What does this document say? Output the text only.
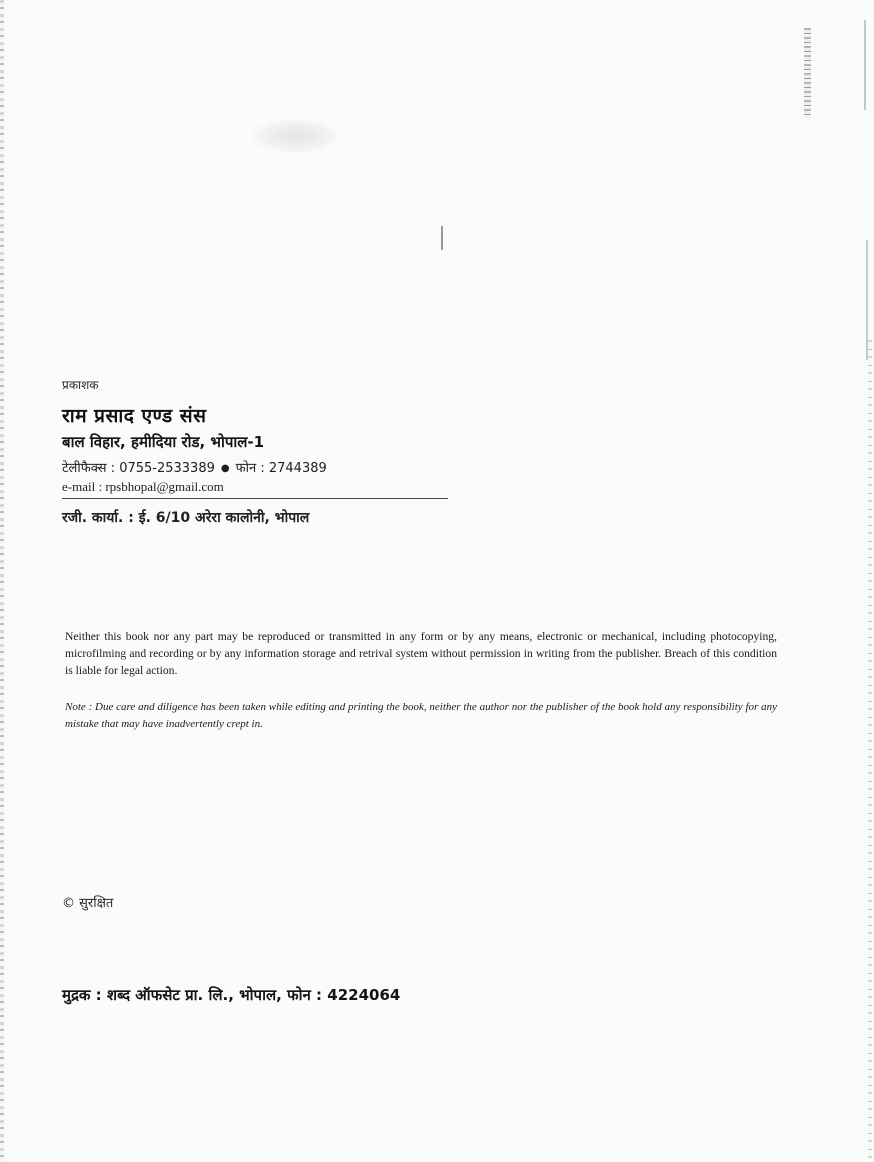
प्रकाशक
राम प्रसाद एण्ड संस
बाल विहार, हमीदिया रोड, भोपाल-1
टेलीफैक्स : 0755-2533389 ● फोन : 2744389
e-mail : rpsbhopal@gmail.com
रजी. कार्या. : ई. 6/10 अरेरा कालोनी, भोपाल
Neither this book nor any part may be reproduced or transmitted in any form or by any means, electronic or mechanical, including photocopying, microfilming and recording or by any information storage and retrival system without permission in writing from the publisher. Breach of this condition is liable for legal action.
Note : Due care and diligence has been taken while editing and printing the book, neither the author nor the publisher of the book hold any responsibility for any mistake that may have inadvertently crept in.
© सुरक्षित
मुद्रक : शब्द ऑफसेट प्रा. लि., भोपाल, फोन : 4224064
